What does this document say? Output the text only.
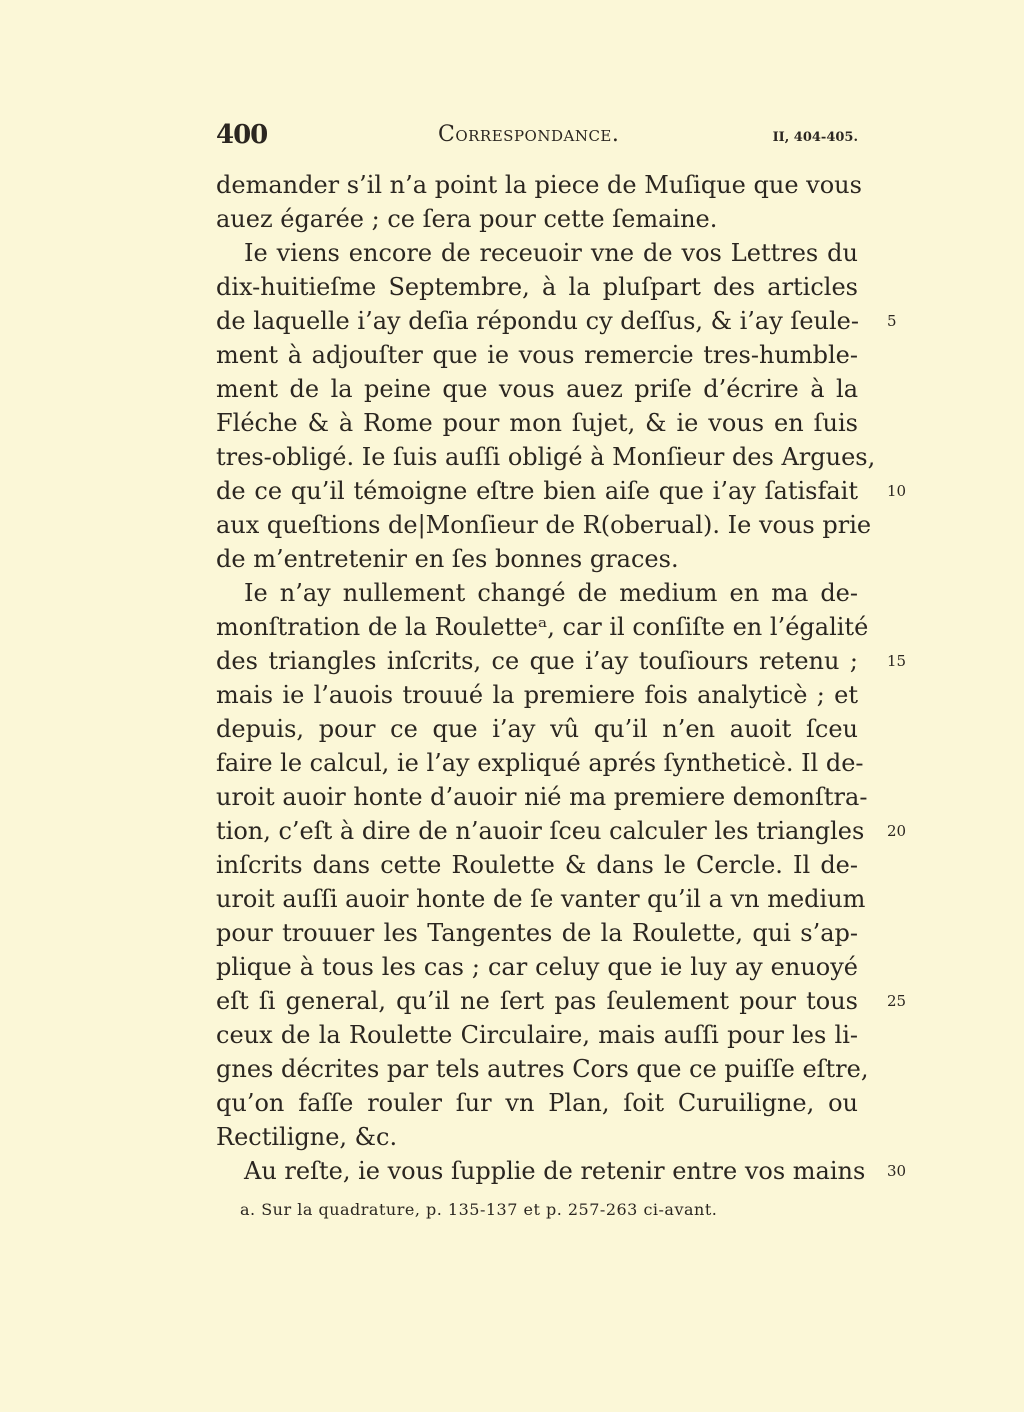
400	Correspondance.	II, 404-405.
demander s’il n’a point la piece de Muſique que vous
auez égarée ; ce ſera pour cette ſemaine.
Ie viens encore de receuoir vne de vos Lettres du
dix-huitieſme Septembre, à la pluſpart des articles
de laquelle i’ay deſia répondu cy deſſus, & i’ay ſeule-
ment à adjouſter que ie vous remercie tres-humble-
ment de la peine que vous auez priſe d’écrire à la
Fléche & à Rome pour mon ſujet, & ie vous en ſuis
tres-obligé. Ie ſuis auſſi obligé à Monſieur des Argues,
de ce qu’il témoigne eſtre bien aiſe que i’ay ſatisfait
aux queſtions de|Monſieur de R(oberual). Ie vous prie
de m’entretenir en ſes bonnes graces.
Ie n’ay nullement changé de medium en ma de-
monſtration de la Rouletteᵃ, car il conſiſte en l’égalité
des triangles inſcrits, ce que i’ay touſiours retenu ;
mais ie l’auois trouué la premiere fois analyticè ; et
depuis, pour ce que i’ay vû qu’il n’en auoit ſceu
faire le calcul, ie l’ay expliqué aprés ſyntheticè. Il de-
uroit auoir honte d’auoir nié ma premiere demonſtra-
tion, c’eſt à dire de n’auoir ſceu calculer les triangles
inſcrits dans cette Roulette & dans le Cercle. Il de-
uroit auſſi auoir honte de ſe vanter qu’il a vn medium
pour trouuer les Tangentes de la Roulette, qui s’ap-
plique à tous les cas ; car celuy que ie luy ay enuoyé
eſt ſi general, qu’il ne ſert pas ſeulement pour tous
ceux de la Roulette Circulaire, mais auſſi pour les li-
gnes décrites par tels autres Cors que ce puiſſe eſtre,
qu’on faſſe rouler ſur vn Plan, ſoit Curuiligne, ou
Rectiligne, &c.
Au reſte, ie vous ſupplie de retenir entre vos mains
5
10
15
20
25
30
a. Sur la quadrature, p. 135-137 et p. 257-263 ci-avant.
